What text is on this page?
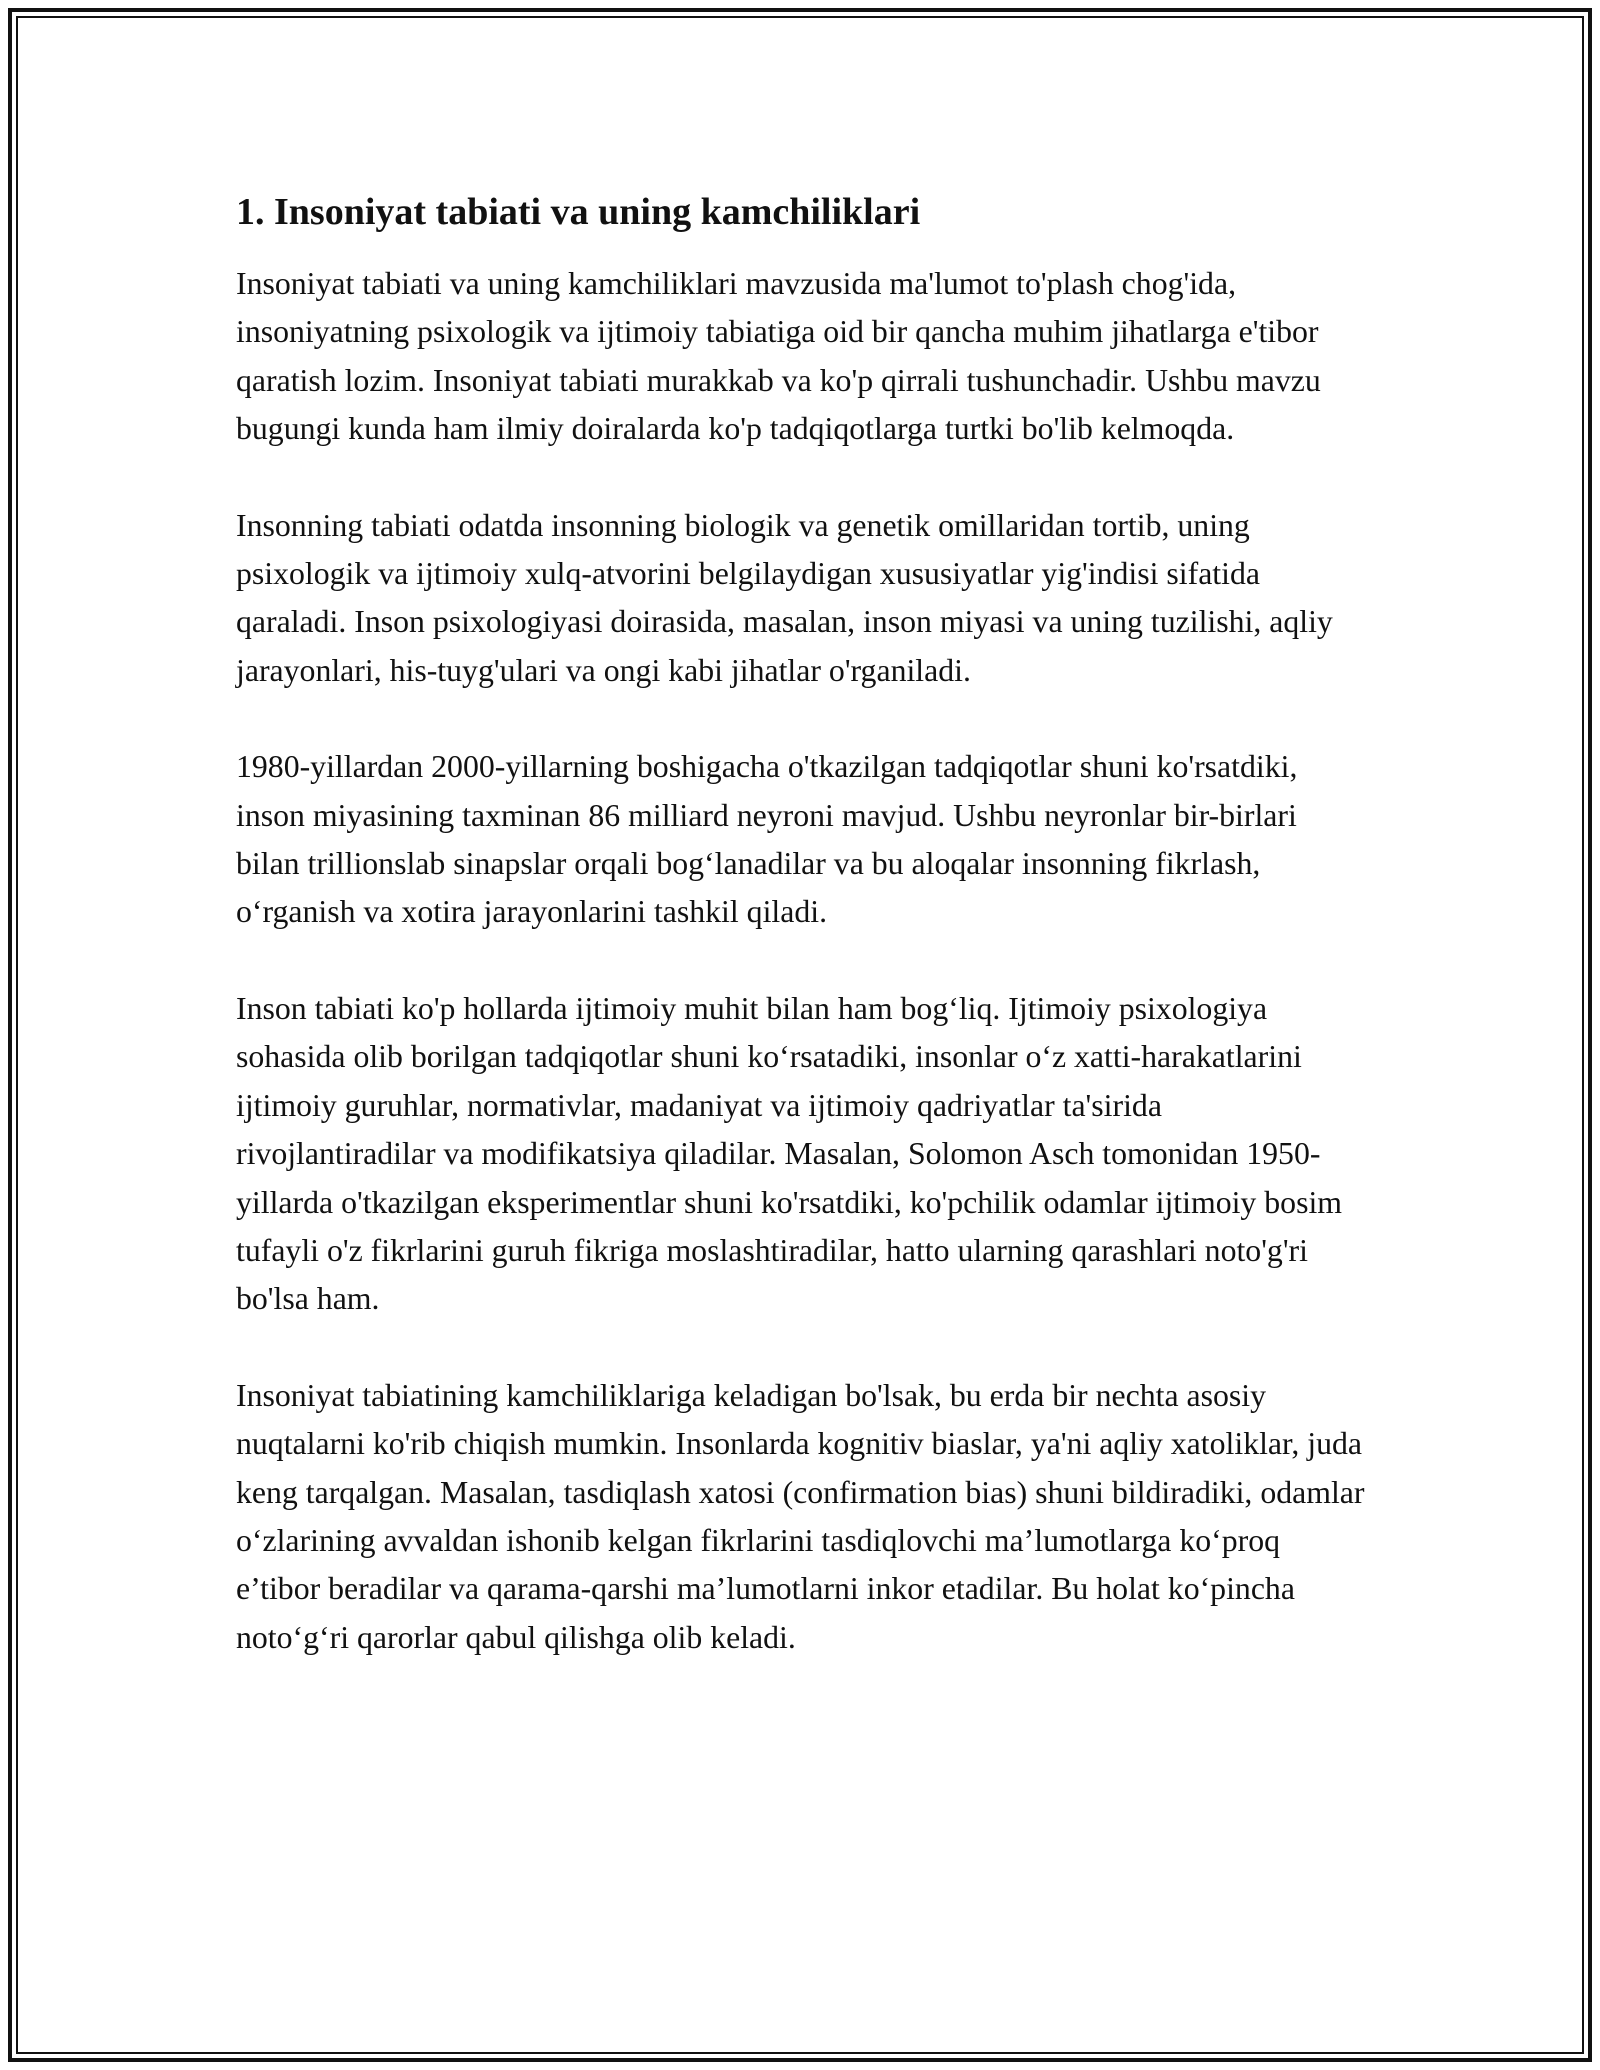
1. Insoniyat tabiati va uning kamchiliklari

Insoniyat tabiati va uning kamchiliklari mavzusida ma'lumot to'plash chog'ida, insoniyatning psixologik va ijtimoiy tabiatiga oid bir qancha muhim jihatlarga e'tibor qaratish lozim. Insoniyat tabiati murakkab va ko'p qirrali tushunchadir. Ushbu mavzu bugungi kunda ham ilmiy doiralarda ko'p tadqiqotlarga turtki bo'lib kelmoqda.

Insonning tabiati odatda insonning biologik va genetik omillaridan tortib, uning psixologik va ijtimoiy xulq-atvorini belgilaydigan xususiyatlar yig'indisi sifatida qaraladi. Inson psixologiyasi doirasida, masalan, inson miyasi va uning tuzilishi, aqliy jarayonlari, his-tuyg'ulari va ongi kabi jihatlar o'rganiladi.

1980-yillardan 2000-yillarning boshigacha o'tkazilgan tadqiqotlar shuni ko'rsatdiki, inson miyasining taxminan 86 milliard neyroni mavjud. Ushbu neyronlar bir-birlari bilan trillionslab sinapslar orqali bog‘lanadilar va bu aloqalar insonning fikrlash, o‘rganish va xotira jarayonlarini tashkil qiladi.

Inson tabiati ko'p hollarda ijtimoiy muhit bilan ham bog‘liq. Ijtimoiy psixologiya sohasida olib borilgan tadqiqotlar shuni ko‘rsatadiki, insonlar o‘z xatti-harakatlarini ijtimoiy guruhlar, normativlar, madaniyat va ijtimoiy qadriyatlar ta'sirida rivojlantiradilar va modifikatsiya qiladilar. Masalan, Solomon Asch tomonidan 1950-yillarda o'tkazilgan eksperimentlar shuni ko'rsatdiki, ko'pchilik odamlar ijtimoiy bosim tufayli o'z fikrlarini guruh fikriga moslashtiradilar, hatto ularning qarashlari noto'g'ri bo'lsa ham.

Insoniyat tabiatining kamchiliklariga keladigan bo'lsak, bu erda bir nechta asosiy nuqtalarni ko'rib chiqish mumkin. Insonlarda kognitiv biaslar, ya'ni aqliy xatoliklar, juda keng tarqalgan. Masalan, tasdiqlash xatosi (confirmation bias) shuni bildiradiki, odamlar o‘zlarining avvaldan ishonib kelgan fikrlarini tasdiqlovchi ma’lumotlarga ko‘proq e’tibor beradilar va qarama-qarshi ma’lumotlarni inkor etadilar. Bu holat ko‘pincha noto‘g‘ri qarorlar qabul qilishga olib keladi.
